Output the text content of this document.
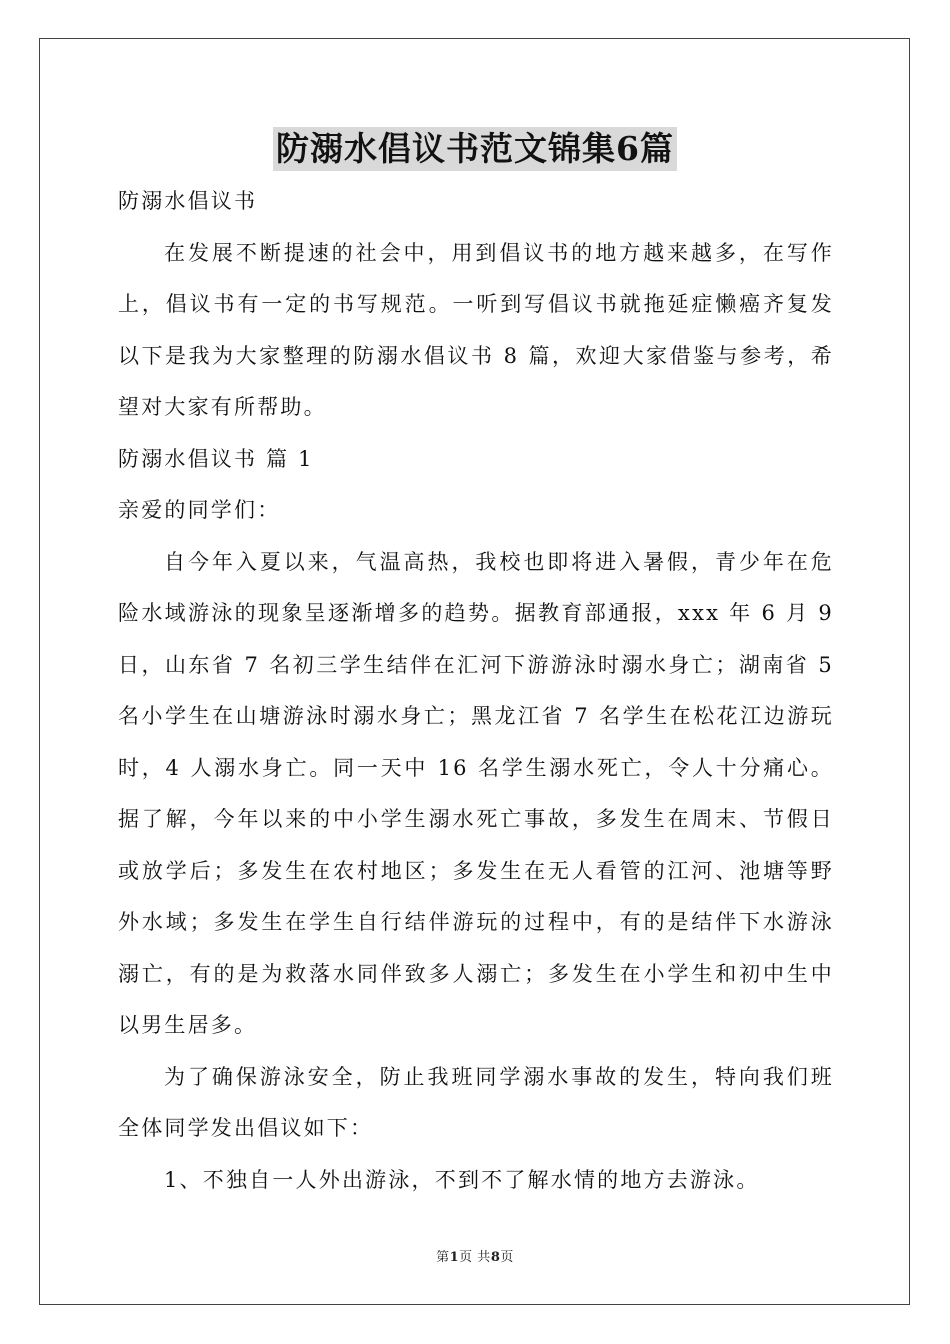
防溺水倡议书范文锦集6篇

防溺水倡议书

在发展不断提速的社会中，用到倡议书的地方越来越多，在写作上，倡议书有一定的书写规范。一听到写倡议书就拖延症懒癌齐复发以下是我为大家整理的防溺水倡议书 8 篇，欢迎大家借鉴与参考，希望对大家有所帮助。

防溺水倡议书 篇 1

亲爱的同学们：

自今年入夏以来，气温高热，我校也即将进入暑假，青少年在危险水域游泳的现象呈逐渐增多的趋势。据教育部通报，xxx 年 6 月 9 日，山东省 7 名初三学生结伴在汇河下游游泳时溺水身亡；湖南省 5 名小学生在山塘游泳时溺水身亡；黑龙江省 7 名学生在松花江边游玩时，4 人溺水身亡。同一天中 16 名学生溺水死亡，令人十分痛心。据了解，今年以来的中小学生溺水死亡事故，多发生在周末、节假日或放学后；多发生在农村地区；多发生在无人看管的江河、池塘等野外水域；多发生在学生自行结伴游玩的过程中，有的是结伴下水游泳溺亡，有的是为救落水同伴致多人溺亡；多发生在小学生和初中生中以男生居多。

为了确保游泳安全，防止我班同学溺水事故的发生，特向我们班全体同学发出倡议如下：

1、不独自一人外出游泳，不到不了解水情的地方去游泳。

第1页 共8页
